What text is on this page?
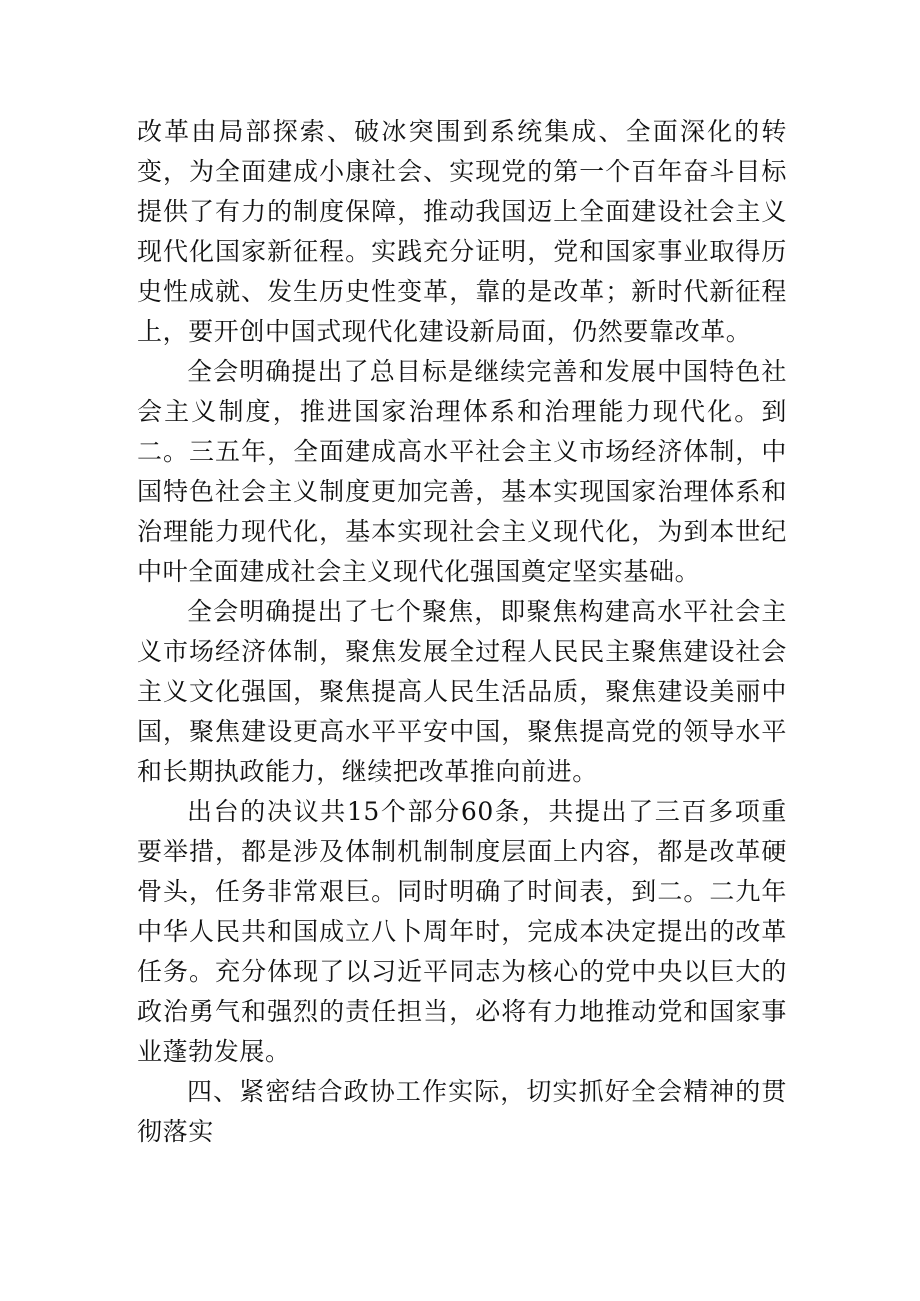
改革由局部探索、破冰突围到系统集成、全面深化的转变，为全面建成小康社会、实现党的第一个百年奋斗目标提供了有力的制度保障，推动我国迈上全面建设社会主义现代化国家新征程。实践充分证明，党和国家事业取得历史性成就、发生历史性变革，靠的是改革；新时代新征程上，要开创中国式现代化建设新局面，仍然要靠改革。

全会明确提出了总目标是继续完善和发展中国特色社会主义制度，推进国家治理体系和治理能力现代化。到二。三五年，全面建成高水平社会主义市场经济体制，中国特色社会主义制度更加完善，基本实现国家治理体系和治理能力现代化，基本实现社会主义现代化，为到本世纪中叶全面建成社会主义现代化强国奠定坚实基础。

全会明确提出了七个聚焦，即聚焦构建高水平社会主义市场经济体制，聚焦发展全过程人民民主聚焦建设社会主义文化强国，聚焦提高人民生活品质，聚焦建设美丽中国，聚焦建设更高水平平安中国，聚焦提高党的领导水平和长期执政能力，继续把改革推向前进。

出台的决议共15个部分60条，共提出了三百多项重要举措，都是涉及体制机制制度层面上内容，都是改革硬骨头，任务非常艰巨。同时明确了时间表，到二。二九年中华人民共和国成立八卜周年时，完成本决定提出的改革任务。充分体现了以习近平同志为核心的党中央以巨大的政治勇气和强烈的责任担当，必将有力地推动党和国家事业蓬勃发展。

四、紧密结合政协工作实际，切实抓好全会精神的贯彻落实
